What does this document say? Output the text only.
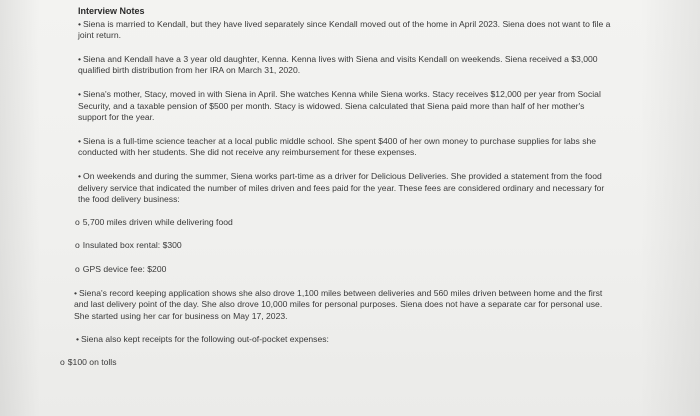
Interview Notes
• Siena is married to Kendall, but they have lived separately since Kendall moved out of the home in April 2023. Siena does not want to file a joint return.
• Siena and Kendall have a 3 year old daughter, Kenna. Kenna lives with Siena and visits Kendall on weekends. Siena received a $3,000 qualified birth distribution from her IRA on March 31, 2020.
• Siena's mother, Stacy, moved in with Siena in April. She watches Kenna while Siena works. Stacy receives $12,000 per year from Social Security, and a taxable pension of $500 per month. Stacy is widowed. Siena calculated that Siena paid more than half of her mother's support for the year.
• Siena is a full-time science teacher at a local public middle school. She spent $400 of her own money to purchase supplies for labs she conducted with her students. She did not receive any reimbursement for these expenses.
• On weekends and during the summer, Siena works part-time as a driver for Delicious Deliveries. She provided a statement from the food delivery service that indicated the number of miles driven and fees paid for the year. These fees are considered ordinary and necessary for the food delivery business:
o 5,700 miles driven while delivering food
o Insulated box rental: $300
o GPS device fee: $200
• Siena's record keeping application shows she also drove 1,100 miles between deliveries and 560 miles driven between home and the first and last delivery point of the day. She also drove 10,000 miles for personal purposes. Siena does not have a separate car for personal use. She started using her car for business on May 17, 2023.
• Siena also kept receipts for the following out-of-pocket expenses:
o $100 on tolls
